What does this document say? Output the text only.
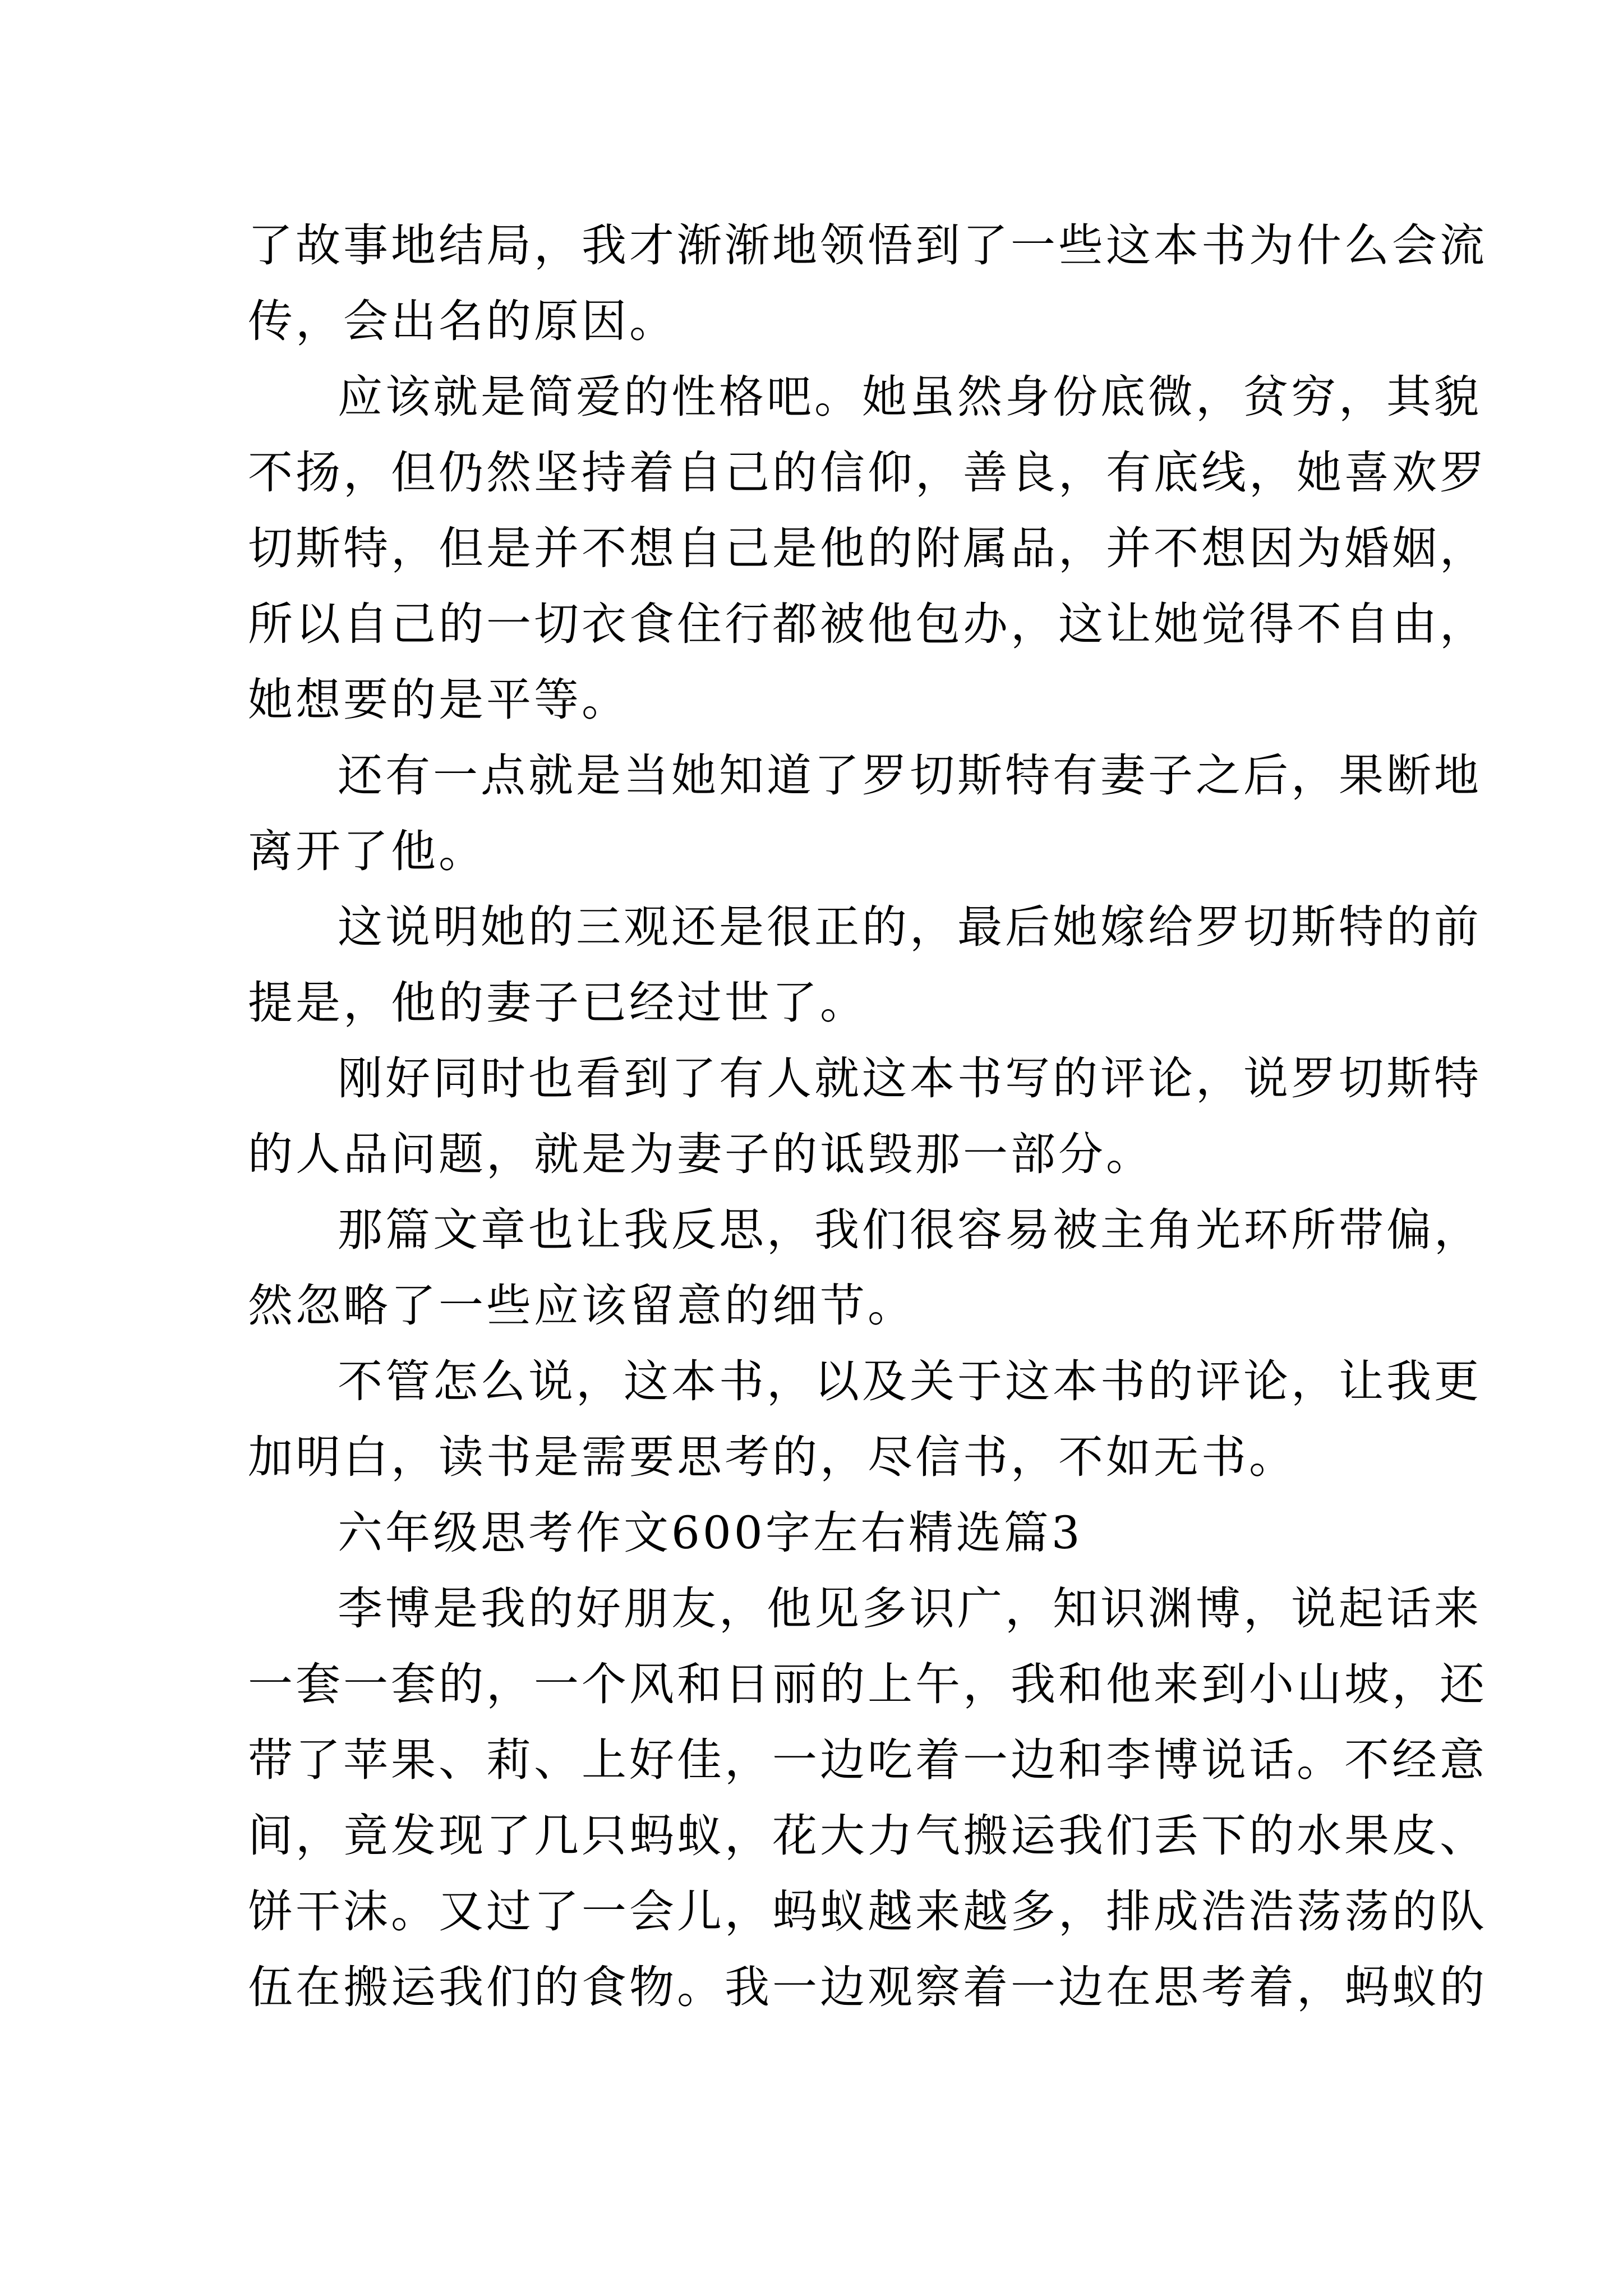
了故事地结局，我才渐渐地领悟到了一些这本书为什么会流
传，会出名的原因。
应该就是简爱的性格吧。她虽然身份底微，贫穷，其貌
不扬，但仍然坚持着自己的信仰，善良，有底线，她喜欢罗
切斯特，但是并不想自己是他的附属品，并不想因为婚姻，
所以自己的一切衣食住行都被他包办，这让她觉得不自由，
她想要的是平等。
还有一点就是当她知道了罗切斯特有妻子之后，果断地
离开了他。
这说明她的三观还是很正的，最后她嫁给罗切斯特的前
提是，他的妻子已经过世了。
刚好同时也看到了有人就这本书写的评论，说罗切斯特
的人品问题，就是为妻子的诋毁那一部分。
那篇文章也让我反思，我们很容易被主角光环所带偏，
然忽略了一些应该留意的细节。
不管怎么说，这本书，以及关于这本书的评论，让我更
加明白，读书是需要思考的，尽信书，不如无书。
六年级思考作文600字左右精选篇3
李博是我的好朋友，他见多识广，知识渊博，说起话来
一套一套的，一个风和日丽的上午，我和他来到小山坡，还
带了苹果、莉、上好佳，一边吃着一边和李博说话。不经意
间，竟发现了几只蚂蚁，花大力气搬运我们丢下的水果皮、
饼干沫。又过了一会儿，蚂蚁越来越多，排成浩浩荡荡的队
伍在搬运我们的食物。我一边观察着一边在思考着，蚂蚁的
